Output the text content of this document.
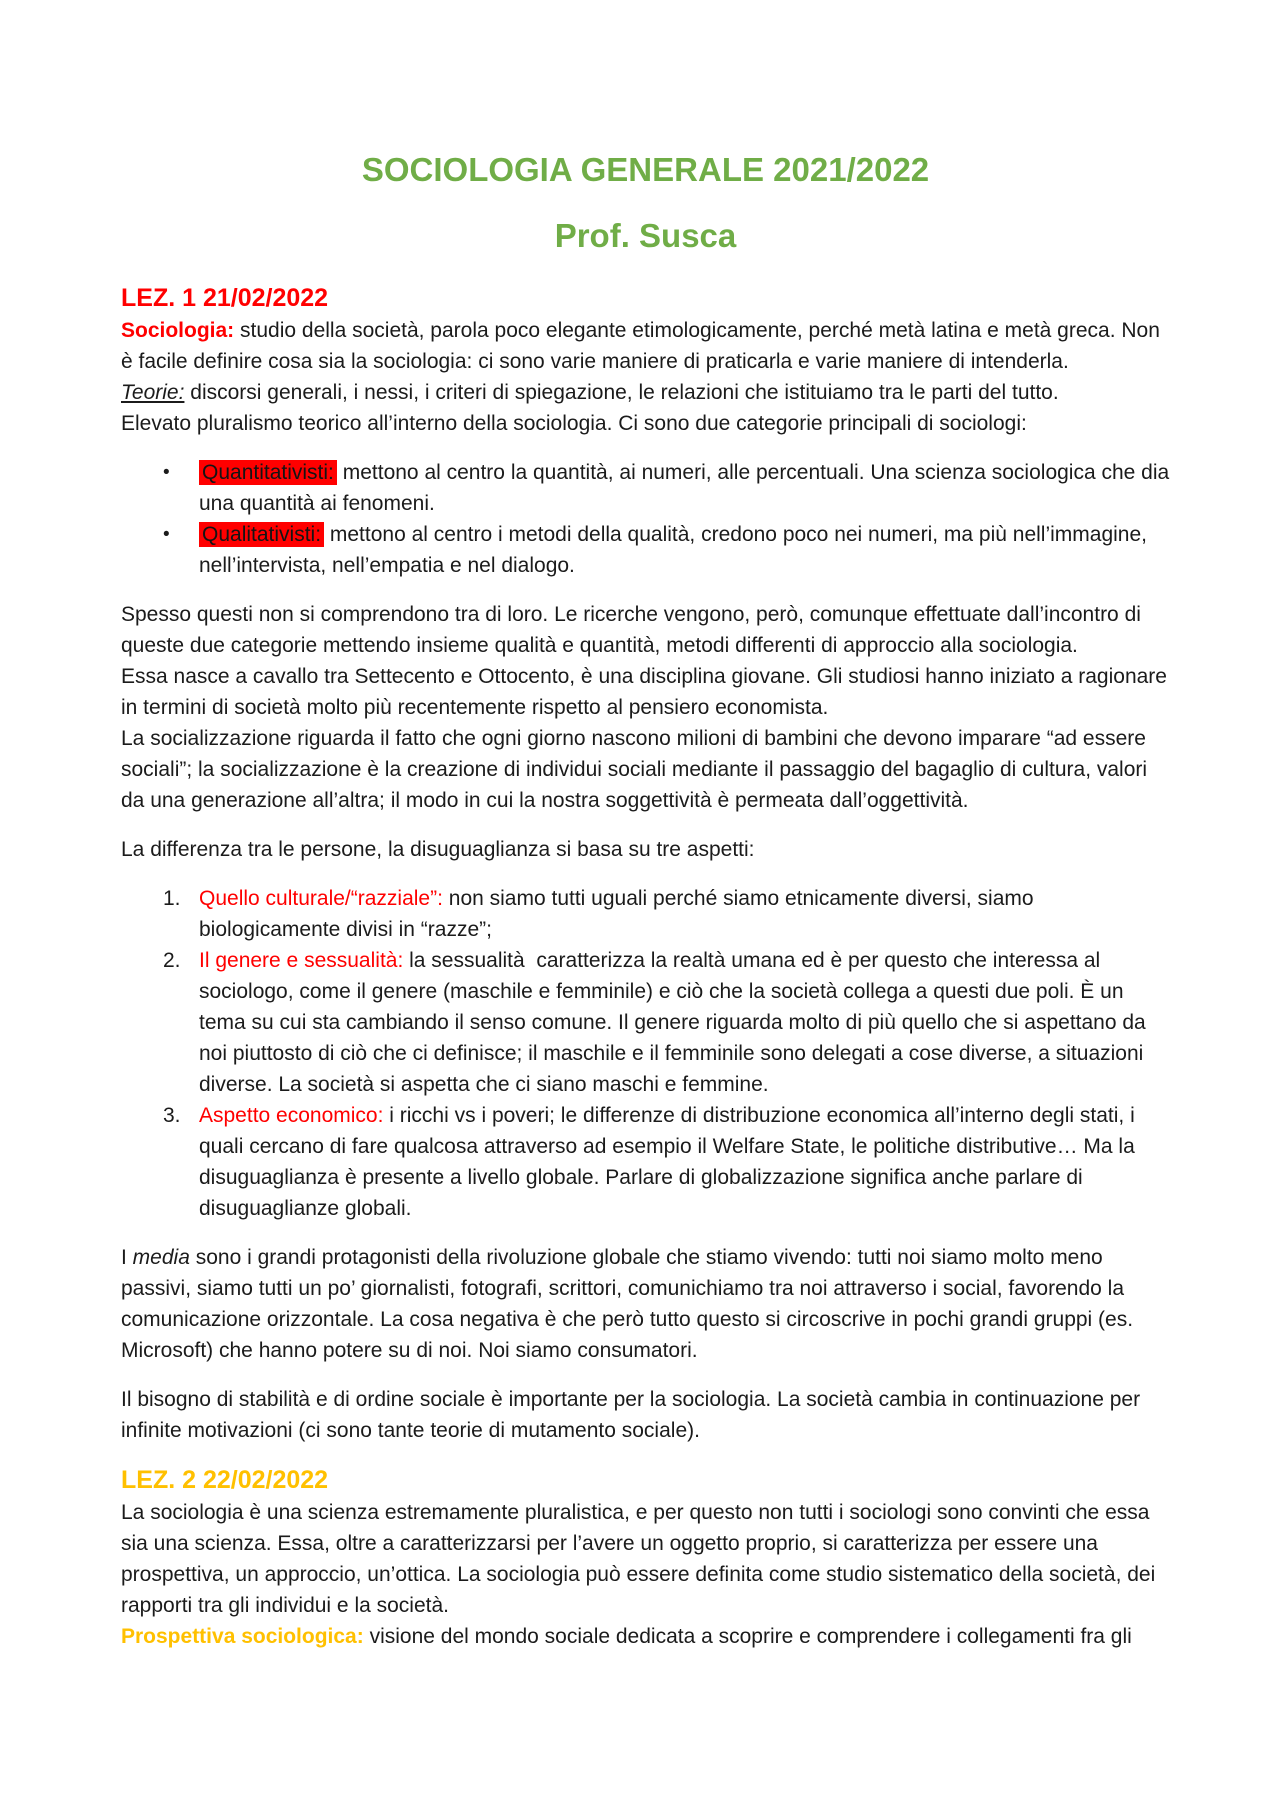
SOCIOLOGIA GENERALE 2021/2022
Prof. Susca
LEZ. 1 21/02/2022

Sociologia: studio della società, parola poco elegante etimologicamente, perché metà latina e metà greca. Non è facile definire cosa sia la sociologia: ci sono varie maniere di praticarla e varie maniere di intenderla.
Teorie: discorsi generali, i nessi, i criteri di spiegazione, le relazioni che istituiamo tra le parti del tutto.
Elevato pluralismo teorico all’interno della sociologia. Ci sono due categorie principali di sociologi:

•	Quantitativisti: mettono al centro la quantità, ai numeri, alle percentuali. Una scienza sociologica che dia una quantità ai fenomeni.
•	Qualitativisti: mettono al centro i metodi della qualità, credono poco nei numeri, ma più nell’immagine, nell’intervista, nell’empatia e nel dialogo.

Spesso questi non si comprendono tra di loro. Le ricerche vengono, però, comunque effettuate dall’incontro di queste due categorie mettendo insieme qualità e quantità, metodi differenti di approccio alla sociologia.
Essa nasce a cavallo tra Settecento e Ottocento, è una disciplina giovane. Gli studiosi hanno iniziato a ragionare in termini di società molto più recentemente rispetto al pensiero economista.
La socializzazione riguarda il fatto che ogni giorno nascono milioni di bambini che devono imparare “ad essere sociali”; la socializzazione è la creazione di individui sociali mediante il passaggio del bagaglio di cultura, valori da una generazione all’altra; il modo in cui la nostra soggettività è permeata dall’oggettività.

La differenza tra le persone, la disuguaglianza si basa su tre aspetti:

1. Quello culturale/“razziale”: non siamo tutti uguali perché siamo etnicamente diversi, siamo biologicamente divisi in “razze”;
2. Il genere e sessualità: la sessualità  caratterizza la realtà umana ed è per questo che interessa al sociologo, come il genere (maschile e femminile) e ciò che la società collega a questi due poli. È un tema su cui sta cambiando il senso comune. Il genere riguarda molto di più quello che si aspettano da noi piuttosto di ciò che ci definisce; il maschile e il femminile sono delegati a cose diverse, a situazioni diverse. La società si aspetta che ci siano maschi e femmine.
3. Aspetto economico: i ricchi vs i poveri; le differenze di distribuzione economica all’interno degli stati, i quali cercano di fare qualcosa attraverso ad esempio il Welfare State, le politiche distributive… Ma la disuguaglianza è presente a livello globale. Parlare di globalizzazione significa anche parlare di disuguaglianze globali.

I media sono i grandi protagonisti della rivoluzione globale che stiamo vivendo: tutti noi siamo molto meno passivi, siamo tutti un po’ giornalisti, fotografi, scrittori, comunichiamo tra noi attraverso i social, favorendo la comunicazione orizzontale. La cosa negativa è che però tutto questo si circoscrive in pochi grandi gruppi (es. Microsoft) che hanno potere su di noi. Noi siamo consumatori.

Il bisogno di stabilità e di ordine sociale è importante per la sociologia. La società cambia in continuazione per infinite motivazioni (ci sono tante teorie di mutamento sociale).

LEZ. 2 22/02/2022

La sociologia è una scienza estremamente pluralistica, e per questo non tutti i sociologi sono convinti che essa sia una scienza. Essa, oltre a caratterizzarsi per l’avere un oggetto proprio, si caratterizza per essere una prospettiva, un approccio, un’ottica. La sociologia può essere definita come studio sistematico della società, dei rapporti tra gli individui e la società.
Prospettiva sociologica: visione del mondo sociale dedicata a scoprire e comprendere i collegamenti fra gli
